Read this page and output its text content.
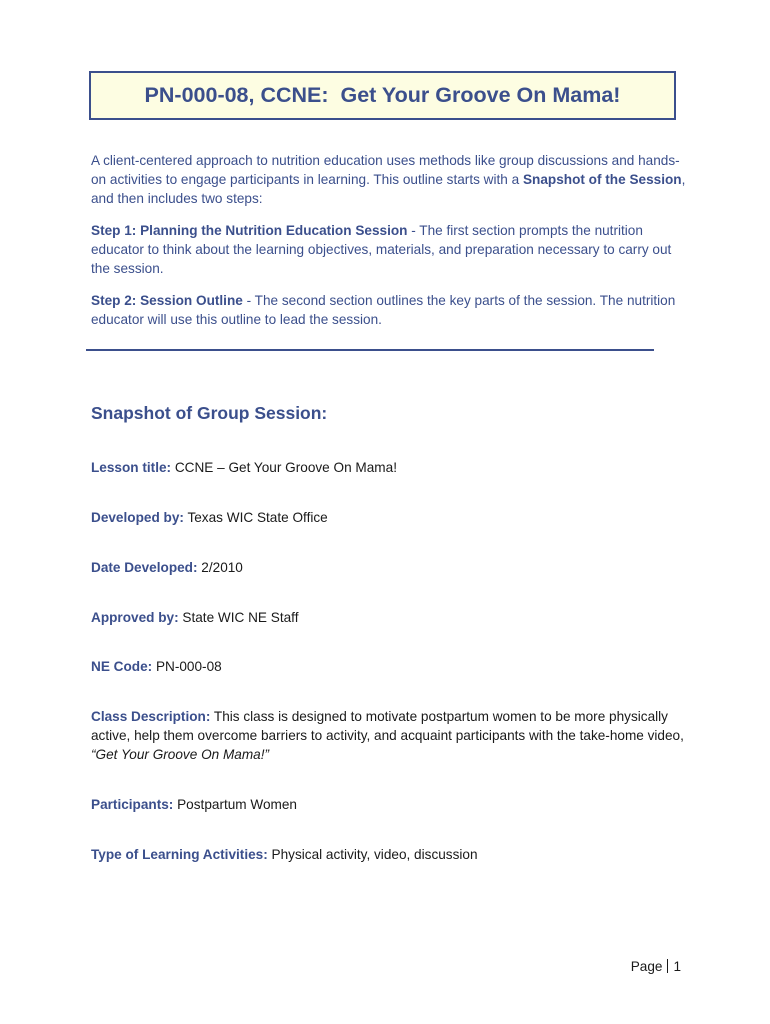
PN-000-08, CCNE:  Get Your Groove On Mama!

A client-centered approach to nutrition education uses methods like group discussions and hands-on activities to engage participants in learning. This outline starts with a Snapshot of the Session, and then includes two steps:

Step 1: Planning the Nutrition Education Session - The first section prompts the nutrition educator to think about the learning objectives, materials, and preparation necessary to carry out the session.

Step 2: Session Outline - The second section outlines the key parts of the session. The nutrition educator will use this outline to lead the session.

Snapshot of Group Session:
Lesson title: CCNE – Get Your Groove On Mama!
Developed by: Texas WIC State Office
Date Developed: 2/2010
Approved by: State WIC NE Staff
NE Code: PN-000-08
Class Description: This class is designed to motivate postpartum women to be more physically active, help them overcome barriers to activity, and acquaint participants with the take-home video, “Get Your Groove On Mama!”
Participants: Postpartum Women
Type of Learning Activities: Physical activity, video, discussion
Page 1
